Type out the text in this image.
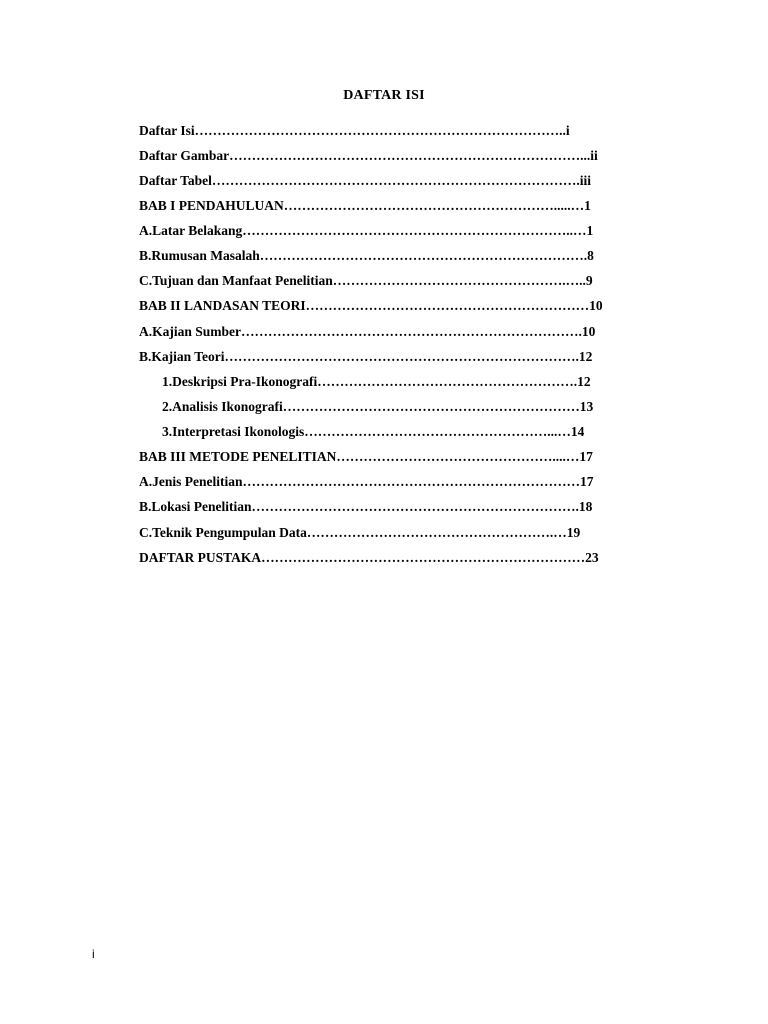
DAFTAR ISI
Daftar Isi………………………………………………………………………..i
Daftar Gambar……………………………………………………………………...ii
Daftar Tabel……………………………………………………………………….iii
BAB I PENDAHULUAN…………………………………………………….....…1
A.Latar Belakang………………………………………………………………..…1
B.Rumusan Masalah……………………………………………………………….8
C.Tujuan dan Manfaat Penelitian…………………………………………….…..9
BAB II LANDASAN TEORI………………………………………………………10
A.Kajian Sumber………………………………………………………………….10
B.Kajian Teori…………………………………………………………………….12
1.Deskripsi Pra-Ikonografi………………………………………………….12
2.Analisis Ikonografi…………………………………………………………13
3.Interpretasi Ikonologis………………………………………………...…14
BAB III METODE PENELITIAN…………………………………………....…17
A.Jenis Penelitian…………………………………………………………………17
B.Lokasi Penelitian……………………………………………………………….18
C.Teknik Pengumpulan Data……………………………………………….…19
DAFTAR PUSTAKA………………………………………………………………23
i
